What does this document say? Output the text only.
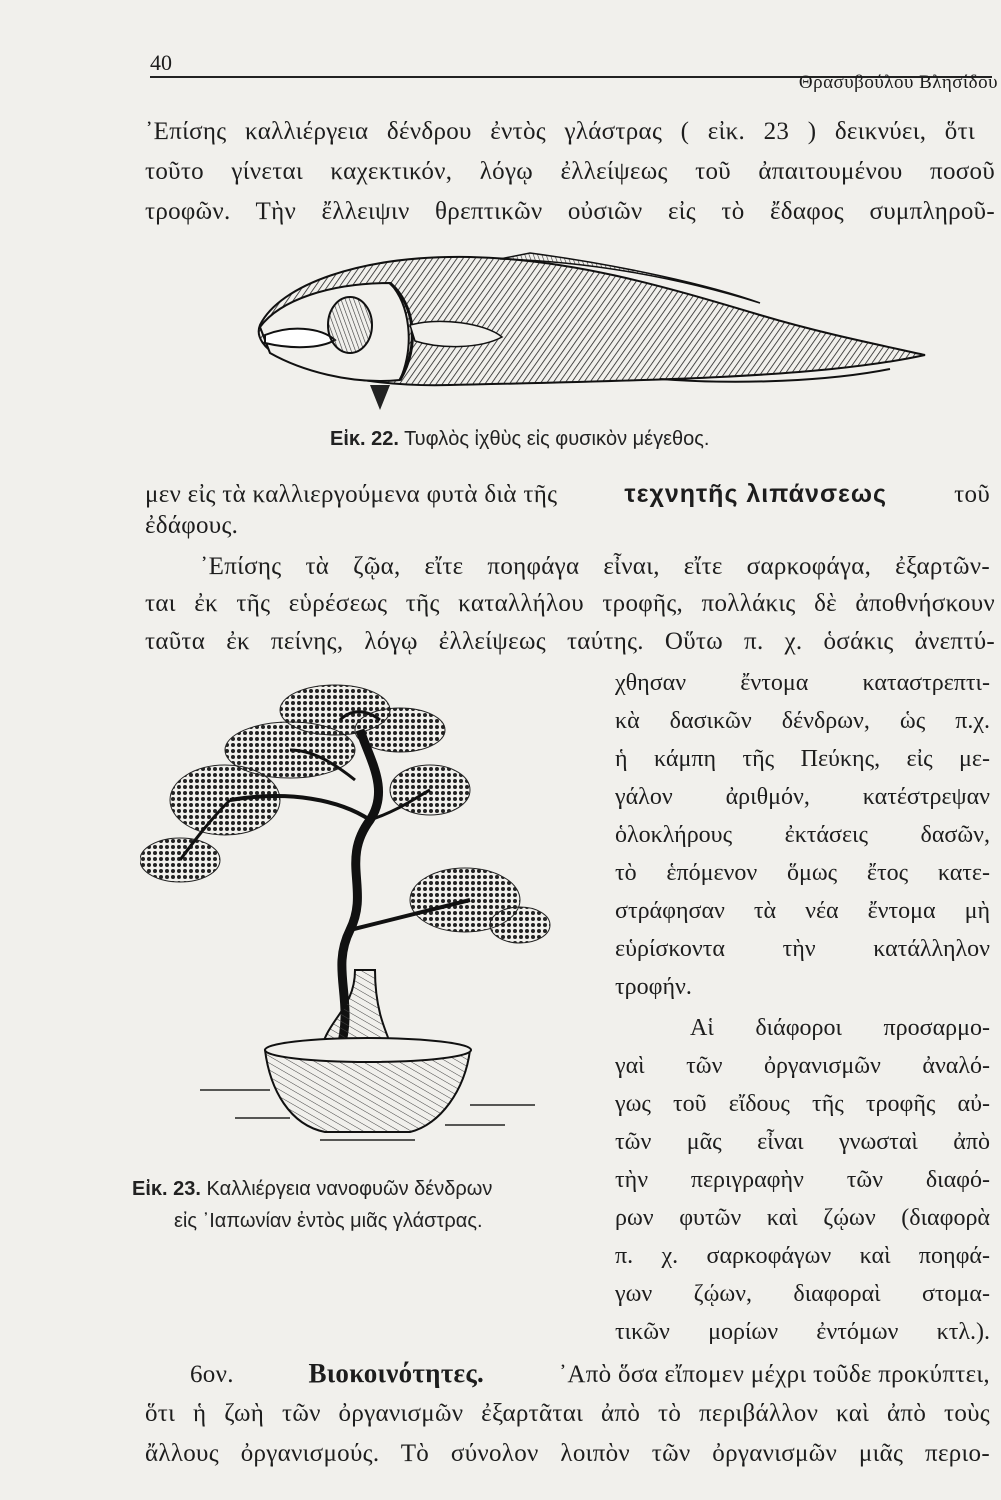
40
Θρασυβούλου Βλησίδου
᾿Επίσης καλλιέργεια δένδρου ἐντὸς γλάστρας ( εἰκ. 23 ) δεικνύει, ὅτι
τοῦτο γίνεται καχεκτικόν, λόγῳ ἐλλείψεως τοῦ ἀπαιτουμένου ποσοῦ
τροφῶν. Τὴν ἔλλειψιν θρεπτικῶν οὐσιῶν εἰς τὸ ἔδαφος συμπληροῦ-
Εἰκ. 22. Τυφλὸς ἰχθὺς εἰς φυσικὸν μέγεθος.
μεν εἰς τὰ καλλιεργούμενα φυτὰ διὰ τῆς	τεχνητῆς λιπάνσεως	τοῦ
ἐδάφους.
᾿Επίσης τὰ ζῷα, εἴτε ποηφάγα εἶναι, εἴτε σαρκοφάγα, ἐξαρτῶν-
ται ἐκ τῆς εὑρέσεως τῆς καταλλήλου τροφῆς, πολλάκις δὲ ἀποθνήσκουν
ταῦτα ἐκ πείνης, λόγῳ ἐλλείψεως ταύτης. Οὕτω π. χ. ὁσάκις ἀνεπτύ-
Εἰκ. 23. Καλλιέργεια νανοφυῶν δένδρων
εἰς ᾿Ιαπωνίαν ἐντὸς μιᾶς γλάστρας.
χθησαν ἔντομα καταστρεπτι-
κὰ δασικῶν δένδρων, ὡς π.χ.
ἡ κάμπη τῆς Πεύκης, εἰς με-
γάλον ἀριθμόν, κατέστρεψαν
ὁλοκλήρους ἐκτάσεις δασῶν,
τὸ ἑπόμενον ὅμως ἔτος κατε-
στράφησαν τὰ νέα ἔντομα μὴ
εὑρίσκοντα τὴν κατάλληλον
τροφήν.
Αἱ διάφοροι προσαρμο-
γαὶ τῶν ὀργανισμῶν ἀναλό-
γως τοῦ εἴδους τῆς τροφῆς αὐ-
τῶν μᾶς εἶναι γνωσταὶ ἀπὸ
τὴν περιγραφὴν τῶν διαφό-
ρων φυτῶν καὶ ζῴων (διαφορὰ
π. χ. σαρκοφάγων καὶ ποηφά-
γων ζῴων, διαφοραὶ στομα-
τικῶν μορίων ἐντόμων κτλ.).
6ον.	Βιοκοινότητες.	᾿Απὸ ὅσα εἴπομεν μέχρι τοῦδε προκύπτει,
ὅτι ἡ ζωὴ τῶν ὀργανισμῶν ἐξαρτᾶται ἀπὸ τὸ περιβάλλον καὶ ἀπὸ τοὺς
ἄλλους ὀργανισμούς. Τὸ σύνολον λοιπὸν τῶν ὀργανισμῶν μιᾶς περιο-
